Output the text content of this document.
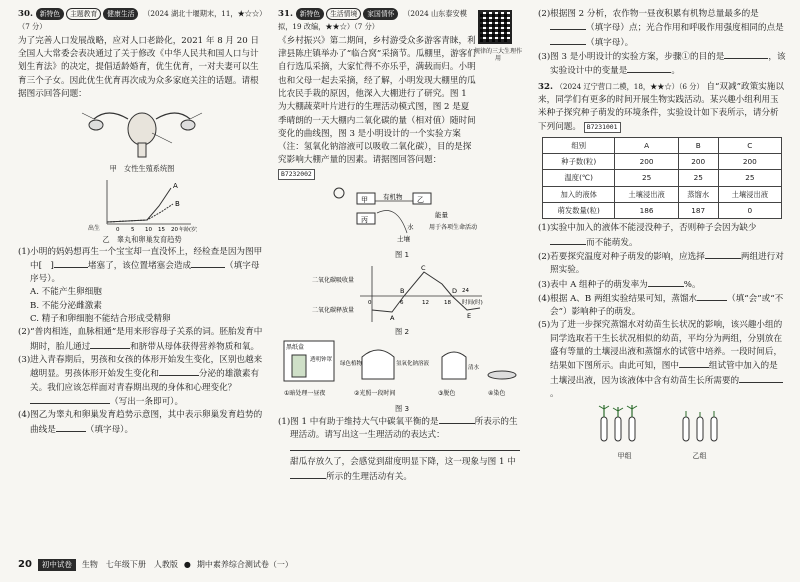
30. 新特色 主题教育 健康生活 （2024 湖北十堰期末，11，★☆☆）（7 分）

为了完善人口发展战略，应对人口老龄化，2021 年 8 月 20 日全国人大常委会表决通过了关于修改《中华人民共和国人口与计划生育法》的决定，提倡适龄婚育，优生优育，一对夫妻可以生育三个子女。因此优生优育再次成为众多家庭关注的话题。请根据图示回答问题：

甲　女性生殖系统图
A
B
出生	0 5 10 15 20 年龄(岁)
乙　睾丸和卵巢发育趋势

(1)小明的妈妈想再生一个宝宝却一直没怀上，经检查是因为图甲中[　]	堵塞了，该位置堵塞会造成	（填字母序号）。

A. 不能产生卵细胞

B. 不能分泌雌激素

C. 精子和卵细胞不能结合形成受精卵

(2)“普肉相连，血脉相通”是用来形容母子关系的词。胚胎发育中期时，胎儿通过	和脐带从母体获得营养物质和氧。

(3)进入青春期后，男孩和女孩的体形开始发生变化，区别也越来越明显。男孩体形开始发生变化和	分泌的雄激素有关。我们应该怎样面对青春期出现的身体和心理变化？（写出一条即可）。

(4)图乙为睾丸和卵巢发育趋势示意图，其中表示卵巢发育趋势的曲线是	（填字母）。

规律的三大生理作用

31. 新特色 生活情境 家国情怀 （2024 山东泰安模拟，19 改编，★★☆）（7 分）

《乡村振兴》第二期间，乡村游受众多游客青睐，利津县陈庄镇举办了“临合窝”采摘节。瓜棚里，游客们自行选瓜采摘，大家忙得不亦乐乎，满载而归。小明也和父母一起去采摘，经了解，小明发现大棚里的瓜比农民手栽的原因，他深入大棚进行了研究。图 1 为大棚蔬菜叶片进行的生理活动模式图，图 2 是夏季晴朗的一天大棚内二氧化碳的量（相对值）随时间变化的曲线图，图 3 是小明设计的一个实验方案（注：氢氧化钠溶液可以吸收二氧化碳），目的是探究影响大棚产量的因素。请据图回答问题： B7232002

甲 有机物 乙
丙
能量
水
土壤
用于各项生命活动
图 1
二氧化碳吸收量
二氧化碳释放量
A
B
C
D
E
0	6	12	18
24
时间(时)
图 2
黑纸盒
透明钟罩
绿色植物	氢氧化钠溶液
清水
①暗处理一昼夜	②光照一段时间	③脱色	④染色
图 3

(1)图 1 中有助于维持大气中碳氧平衡的是	所表示的生理活动。请写出这一生理活动的表达式：甜瓜存放久了，会感觉到甜度明显下降，这一现象与图 1 中所示的生理活动有关。

(2)根据图 2 分析，农作物一昼夜积累有机物总量最多的是（填字母）点；光合作用和呼吸作用强度相同的点是（填字母）。

(3)图 3 是小明设计的实验方案，步骤①的目的是	，该实验设计中的变量是	。

32. （2024 辽宁营口二模，18，★★☆）（6 分） 自“双减”政策实施以来，同学们有更多的时间开展生物实践活动。某兴趣小组利用玉米种子探究种子萌发的环境条件，实验设计如下表所示，请分析下列问题。 B7231001

组别	A	B	C
种子数(粒)	200	200	200
温度(℃)	25	25	25
加入的液体	土壤浸出液	蒸馏水	土壤浸出液
萌发数量(粒)	186	187	0

(1)实验中加入的液体不能浸没种子，否则种子会因为缺少而不能萌发。

(2)若要探究温度对种子萌发的影响，应选择	两组进行对照实验。

(3)表中 A 组种子的萌发率为	%。

(4)根据 A、B 两组实验结果可知，蒸馏水	（填“会”或“不会”）影响种子的萌发。

(5)为了进一步探究蒸馏水对幼苗生长状况的影响，该兴趣小组的同学选取若干生长状况相似的幼苗，平均分为两组，分别放在盛有等量的土壤浸出液和蒸馏水的试管中培养。一段时间后，结果如下图所示。由此可知，图中	组试管中加入的是土壤浸出液，因为该液体中含有幼苗生长所需要的。

甲组	乙组
20	初中试卷	生物　七年级下册　人教版 ● 期中素养综合测试卷（一）
